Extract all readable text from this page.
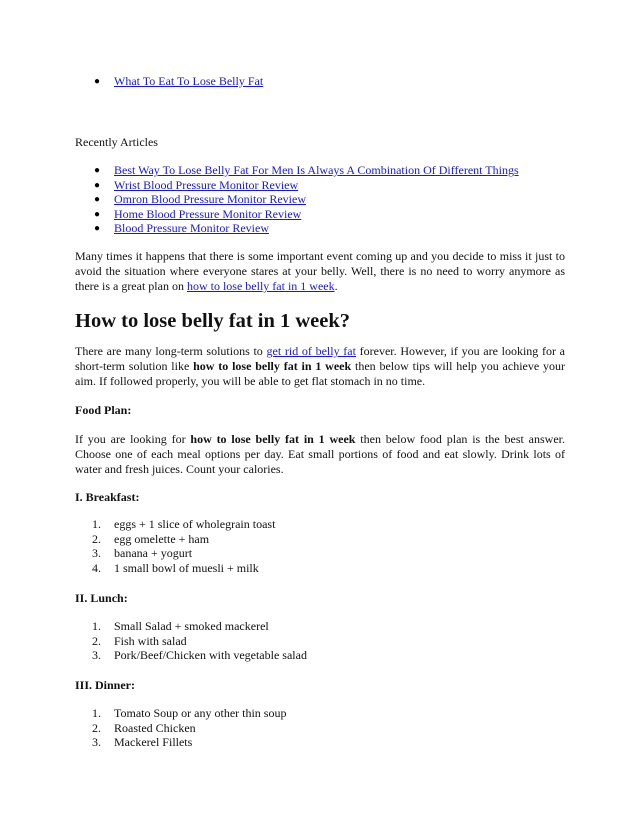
● What To Eat To Lose Belly Fat
Recently Articles
● Best Way To Lose Belly Fat For Men Is Always A Combination Of Different Things
● Wrist Blood Pressure Monitor Review
● Omron Blood Pressure Monitor Review
● Home Blood Pressure Monitor Review
● Blood Pressure Monitor Review

Many times it happens that there is some important event coming up and you decide to miss it just to avoid the situation where everyone stares at your belly. Well, there is no need to worry anymore as there is a great plan on how to lose belly fat in 1 week.

How to lose belly fat in 1 week?

There are many long-term solutions to get rid of belly fat forever. However, if you are looking for a short-term solution like how to lose belly fat in 1 week then below tips will help you achieve your aim. If followed properly, you will be able to get flat stomach in no time.

Food Plan:

If you are looking for how to lose belly fat in 1 week then below food plan is the best answer. Choose one of each meal options per day. Eat small portions of food and eat slowly. Drink lots of water and fresh juices. Count your calories.

I. Breakfast:
1. eggs + 1 slice of wholegrain toast
2. egg omelette + ham
3. banana + yogurt
4. 1 small bowl of muesli + milk
II. Lunch:
1. Small Salad + smoked mackerel
2. Fish with salad
3. Pork/Beef/Chicken with vegetable salad
III. Dinner:
1. Tomato Soup or any other thin soup
2. Roasted Chicken
3. Mackerel Fillets
